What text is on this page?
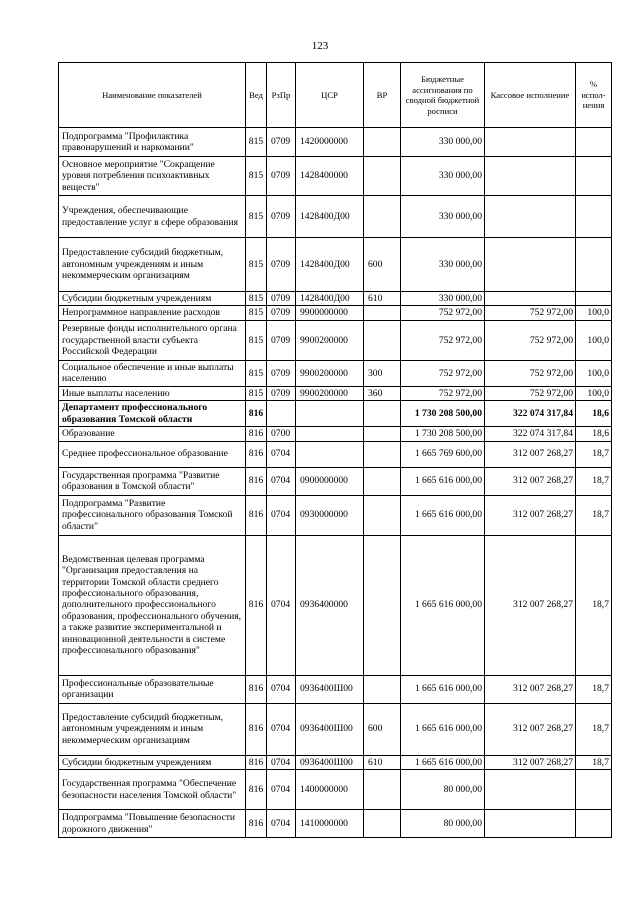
123
Наименование показателей	Вед	РзПр	ЦСР	ВР	Бюджетные ассигнования по сводной бюджетной росписи	Кассовое исполнение	% испол-нения
Подпрограмма "Профилактика правонарушений и наркомании"	815	0709	1420000000		330 000,00		
Основное мероприятие "Сокращение уровня потребления психоактивных веществ"	815	0709	1428400000		330 000,00		
Учреждения, обеспечивающие предоставление услуг в сфере образования	815	0709	1428400Д00		330 000,00		
Предоставление субсидий бюджетным, автономным учреждениям и иным некоммерческим организациям	815	0709	1428400Д00	600	330 000,00		
Субсидии бюджетным учреждениям	815	0709	1428400Д00	610	330 000,00		
Непрограммное направление расходов	815	0709	9900000000		752 972,00	752 972,00	100,0
Резервные фонды исполнительного органа государственной власти субъекта Российской Федерации	815	0709	9900200000		752 972,00	752 972,00	100,0
Социальное обеспечение и иные выплаты населению	815	0709	9900200000	300	752 972,00	752 972,00	100,0
Иные выплаты населению	815	0709	9900200000	360	752 972,00	752 972,00	100,0
Департамент профессионального образования Томской области	816				1 730 208 500,00	322 074 317,84	18,6
Образование	816	0700			1 730 208 500,00	322 074 317,84	18,6
Среднее профессиональное образование	816	0704			1 665 769 600,00	312 007 268,27	18,7
Государственная программа "Развитие образования в Томской области"	816	0704	0900000000		1 665 616 000,00	312 007 268,27	18,7
Подпрограмма "Развитие профессионального образования Томской области"	816	0704	0930000000		1 665 616 000,00	312 007 268,27	18,7
Ведомственная целевая программа "Организация предоставления на территории Томской области среднего профессионального образования, дополнительного профессионального образования, профессионального обучения, а также развитие экспериментальной и инновационной деятельности в системе профессионального образования"	816	0704	0936400000		1 665 616 000,00	312 007 268,27	18,7
Профессиональные образовательные организации	816	0704	0936400Ш00		1 665 616 000,00	312 007 268,27	18,7
Предоставление субсидий бюджетным, автономным учреждениям и иным некоммерческим организациям	816	0704	0936400Ш00	600	1 665 616 000,00	312 007 268,27	18,7
Субсидии бюджетным учреждениям	816	0704	0936400Ш00	610	1 665 616 000,00	312 007 268,27	18,7
Государственная программа "Обеспечение безопасности населения Томской области"	816	0704	1400000000		80 000,00		
Подпрограмма "Повышение безопасности дорожного движения"	816	0704	1410000000		80 000,00		
